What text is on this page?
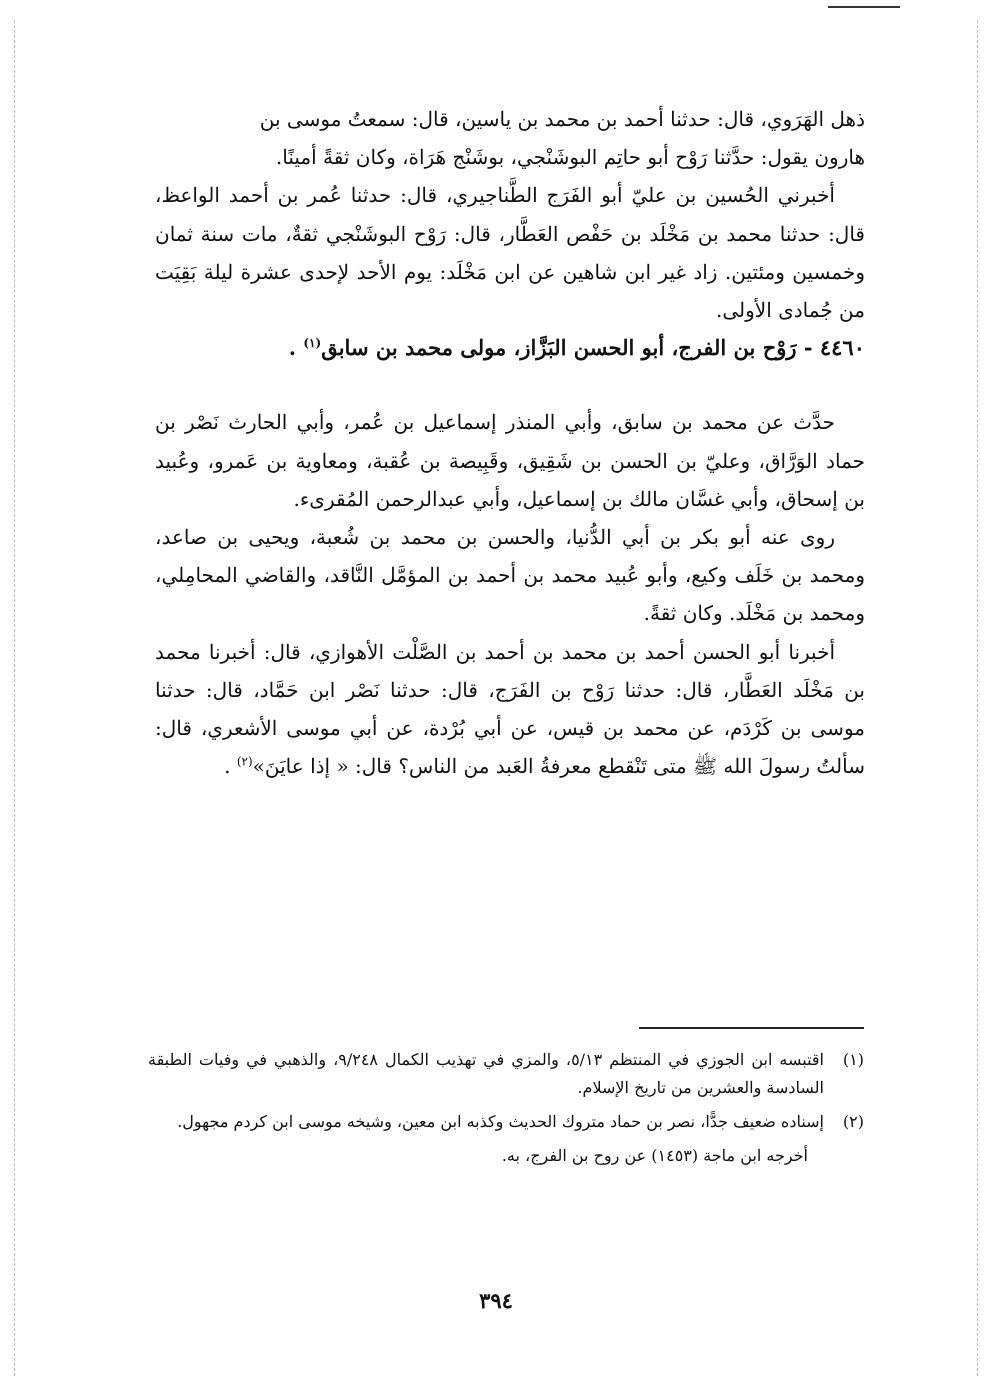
ذهل الهَرَوي، قال: حدثنا أحمد بن محمد بن ياسين، قال: سمعتُ موسى بن
هارون يقول: حدَّثنا رَوْح أبو حاتِم البوشَنْجي، بوشَنْج هَرَاة، وكان ثقةً أمينًا.

أخبرني الحُسين بن عليّ أبو الفَرَج الطَّناجيري، قال: حدثنا عُمر بن أحمد الواعظ، قال: حدثنا محمد بن مَخْلَد بن حَفْص العَطَّار، قال: رَوْح البوشَنْجي ثقةٌ، مات سنة ثمان وخمسين ومئتين. زاد غير ابن شاهين عن ابن مَخْلَد: يوم الأحد لإحدى عشرة ليلة بَقِيَت من جُمادى الأولى.

٤٤٦٠ - رَوْح بن الفرج، أبو الحسن البَزَّاز، مولى محمد بن سابق$^{(١)}$ .

حدَّث عن محمد بن سابق، وأبي المنذر إسماعيل بن عُمر، وأبي الحارث نَصْر بن حماد الوَرَّاق، وعليّ بن الحسن بن شَقِيق، وقَبِيصة بن عُقبة، ومعاوية بن عَمرو، وعُبيد بن إسحاق، وأبي غسَّان مالك بن إسماعيل، وأبي عبدالرحمن المُقرىء.

روى عنه أبو بكر بن أبي الدُّنيا، والحسن بن محمد بن شُعبة، ويحيى بن صاعد، ومحمد بن خَلَف وكيع، وأبو عُبيد محمد بن أحمد بن المؤمَّل النَّاقد، والقاضي المحامِلي، ومحمد بن مَخْلَد. وكان ثقةً.

أخبرنا أبو الحسن أحمد بن محمد بن أحمد بن الصَّلْت الأهوازي، قال: أخبرنا محمد بن مَخْلَد العَطَّار، قال: حدثنا رَوْح بن الفَرَج، قال: حدثنا نَصْر ابن حَمَّاد، قال: حدثنا موسى بن كَرْدَم، عن محمد بن قيس، عن أبي بُرْدة، عن أبي موسى الأشعري، قال: سألتُ رسولَ الله ﷺ متى تَنْقطع معرفةُ العَبد من الناس؟ قال: « إذا عايَنَ»$^{(٢)}$ .

(١)
اقتبسه ابن الجوزي في المنتظم ٥/١٣، والمزي في تهذيب الكمال ٩/٢٤٨، والذهبي في وفيات الطبقة السادسة والعشرين من تاريخ الإسلام.
(٢)
إسناده ضعيف جدًّا، نصر بن حماد متروك الحديث وكذبه ابن معين، وشيخه موسى ابن كردم مجهول.

أخرجه ابن ماجة (١٤٥٣) عن روح بن الفرج، به.

٣٩٤
